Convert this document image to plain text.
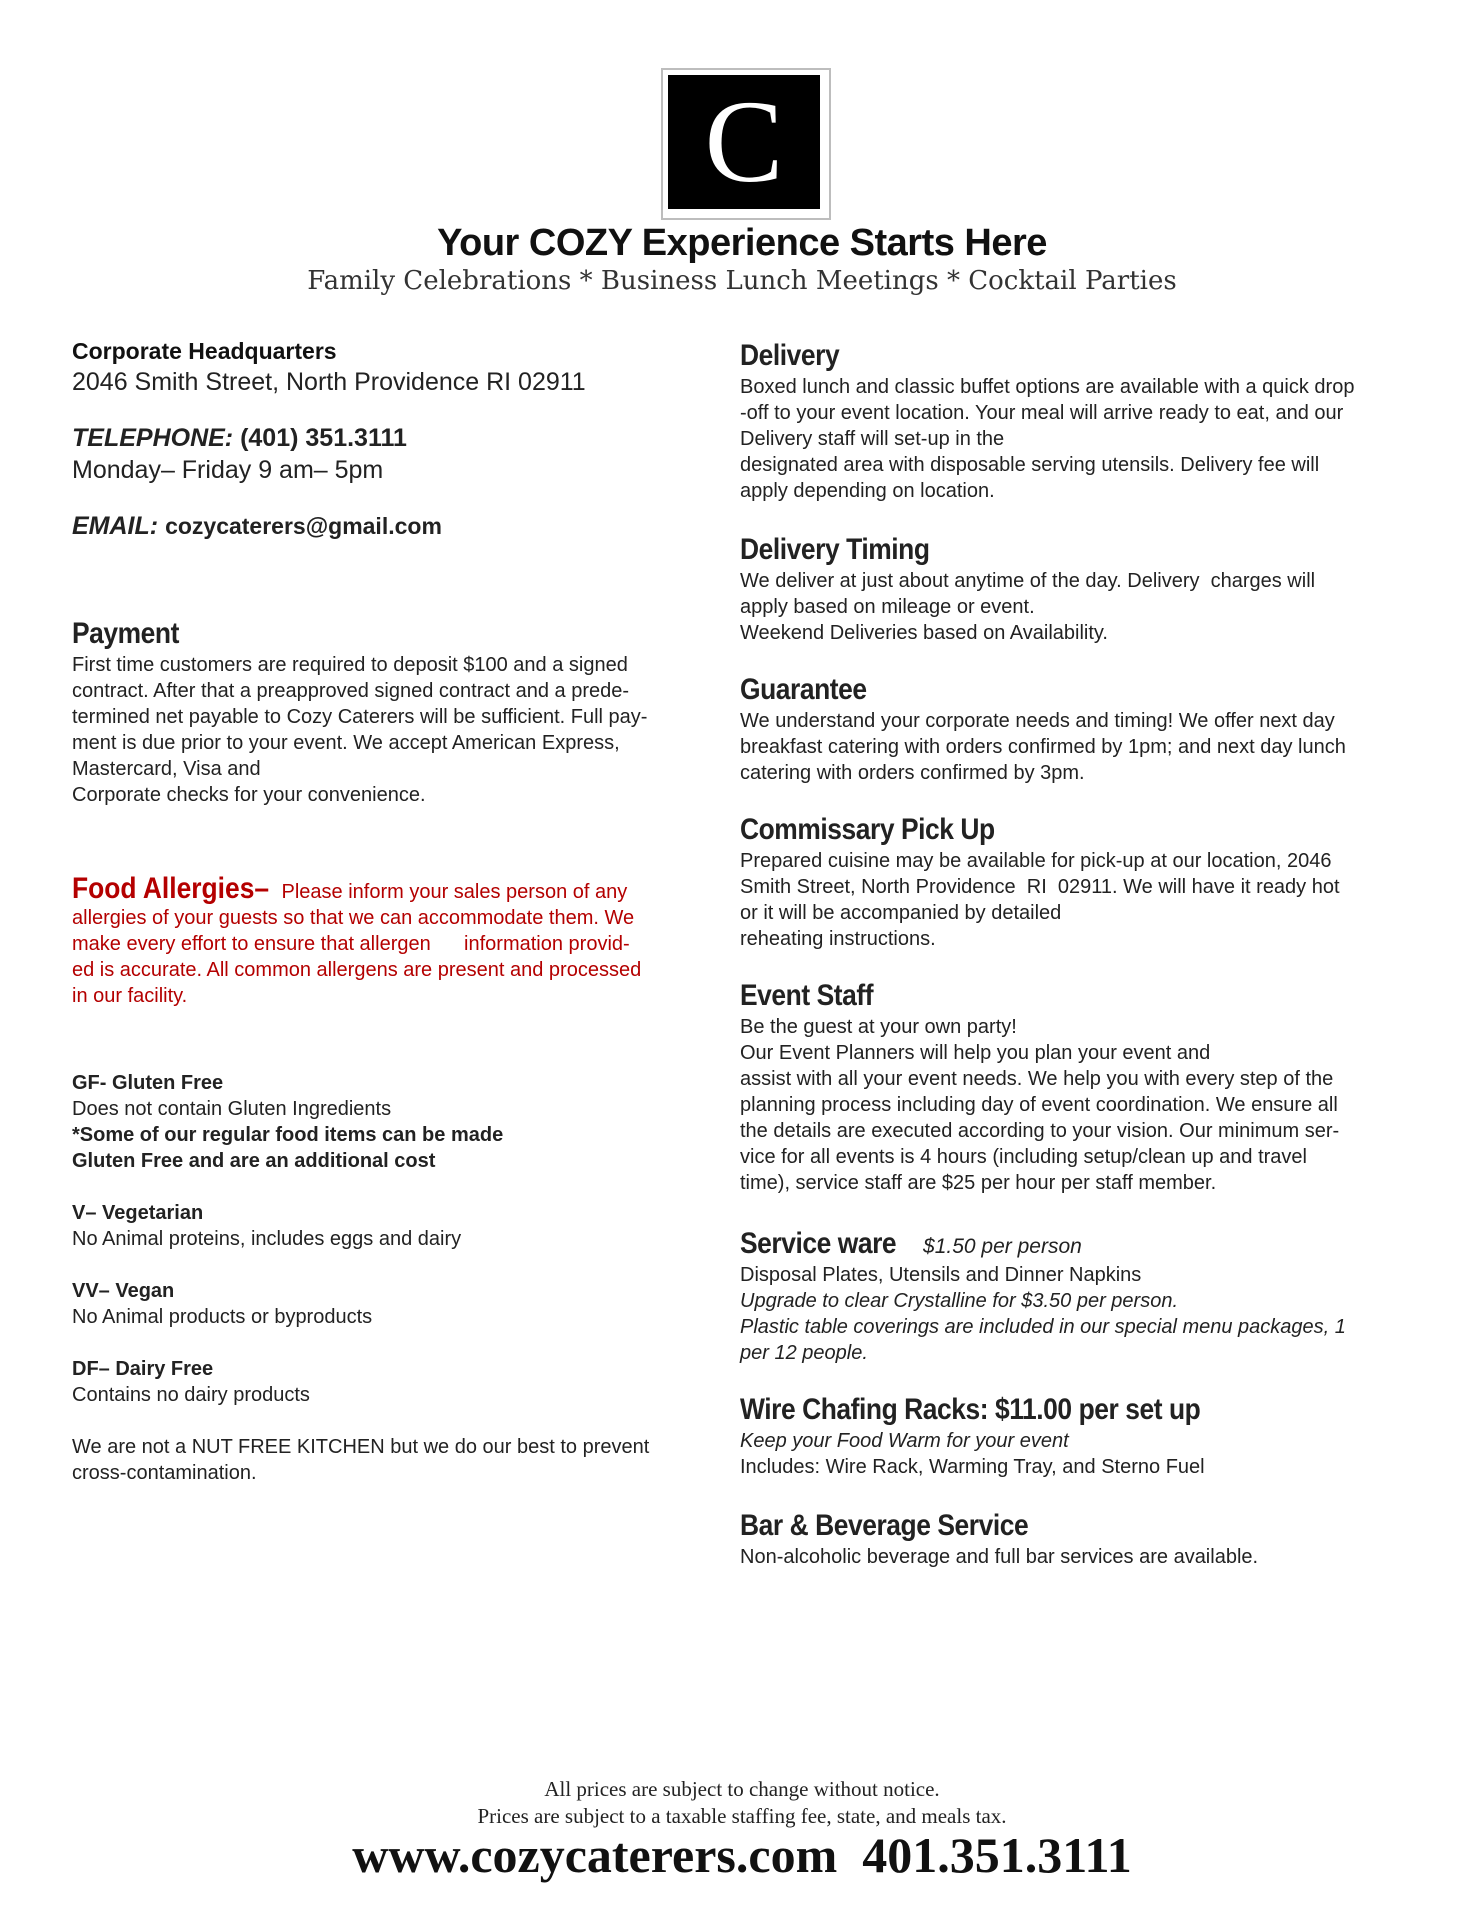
C
Your COZY Experience Starts Here
Family Celebrations * Business Lunch Meetings * Cocktail Parties
Corporate Headquarters
2046 Smith Street, North Providence RI 02911
TELEPHONE: (401) 351.3111
Monday– Friday 9 am– 5pm
EMAIL: cozycaterers@gmail.com
Payment
First time customers are required to deposit $100 and a signed
contract. After that a preapproved signed contract and a prede-
termined net payable to Cozy Caterers will be sufficient. Full pay-
ment is due prior to your event. We accept American Express,
Mastercard, Visa and
Corporate checks for your convenience.
Food Allergies– Please inform your sales person of any
allergies of your guests so that we can accommodate them. We
make every effort to ensure that allergen      information provid-
ed is accurate. All common allergens are present and processed
in our facility.
GF- Gluten Free
Does not contain Gluten Ingredients
*Some of our regular food items can be made
Gluten Free and are an additional cost
V– Vegetarian
No Animal proteins, includes eggs and dairy
VV– Vegan
No Animal products or byproducts
DF– Dairy Free
Contains no dairy products
We are not a NUT FREE KITCHEN but we do our best to prevent
cross-contamination.
Delivery
Boxed lunch and classic buffet options are available with a quick drop
-off to your event location. Your meal will arrive ready to eat, and our
Delivery staff will set-up in the
designated area with disposable serving utensils. Delivery fee will
apply depending on location.
Delivery Timing
We deliver at just about anytime of the day. Delivery  charges will
apply based on mileage or event.
Weekend Deliveries based on Availability.
Guarantee
We understand your corporate needs and timing! We offer next day
breakfast catering with orders confirmed by 1pm; and next day lunch
catering with orders confirmed by 3pm.
Commissary Pick Up
Prepared cuisine may be available for pick-up at our location, 2046
Smith Street, North Providence  RI  02911. We will have it ready hot
or it will be accompanied by detailed
reheating instructions.
Event Staff
Be the guest at your own party!
Our Event Planners will help you plan your event and
assist with all your event needs. We help you with every step of the
planning process including day of event coordination. We ensure all
the details are executed according to your vision. Our minimum ser-
vice for all events is 4 hours (including setup/clean up and travel
time), service staff are $25 per hour per staff member.
Service ware $1.50 per person
Disposal Plates, Utensils and Dinner Napkins
Upgrade to clear Crystalline for $3.50 per person.
Plastic table coverings are included in our special menu packages, 1
per 12 people.
Wire Chafing Racks: $11.00 per set up
Keep your Food Warm for your event
Includes: Wire Rack, Warming Tray, and Sterno Fuel
Bar & Beverage Service
Non-alcoholic beverage and full bar services are available.
All prices are subject to change without notice.
Prices are subject to a taxable staffing fee, state, and meals tax.
www.cozycaterers.com 401.351.3111
